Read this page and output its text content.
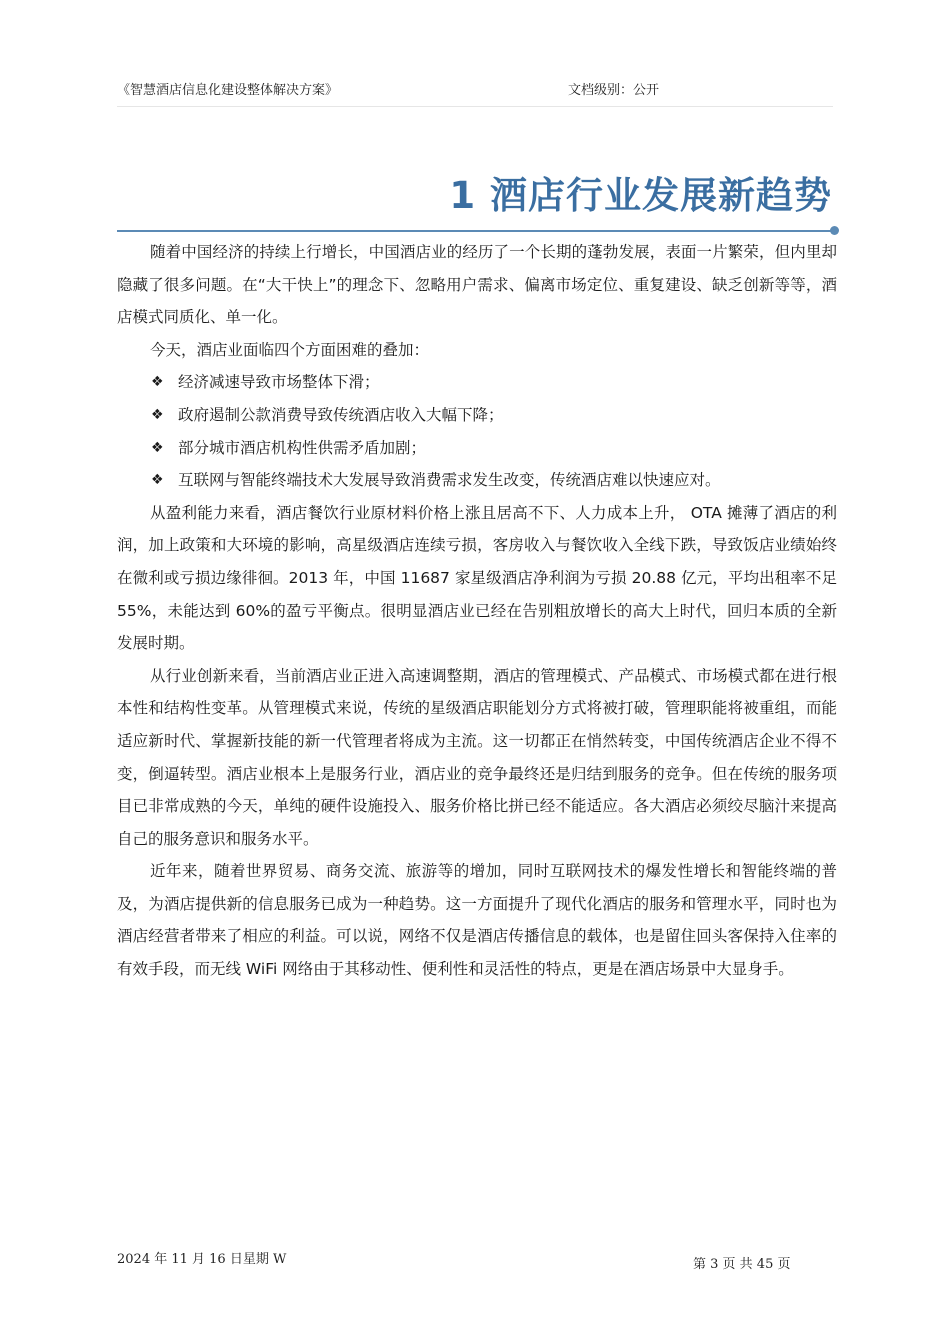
《智慧酒店信息化建设整体解决方案》	文档级别：公开
1 酒店行业发展新趋势

随着中国经济的持续上行增长，中国酒店业的经历了一个长期的蓬勃发展，表面一片繁荣，但内里却隐藏了很多问题。在“大干快上”的理念下、忽略用户需求、偏离市场定位、重复建设、缺乏创新等等，酒店模式同质化、单一化。

今天，酒店业面临四个方面困难的叠加：

❖ 经济减速导致市场整体下滑；

❖ 政府遏制公款消费导致传统酒店收入大幅下降；

❖ 部分城市酒店机构性供需矛盾加剧；

❖ 互联网与智能终端技术大发展导致消费需求发生改变，传统酒店难以快速应对。

从盈利能力来看，酒店餐饮行业原材料价格上涨且居高不下、人力成本上升， OTA 摊薄了酒店的利润，加上政策和大环境的影响，高星级酒店连续亏损，客房收入与餐饮收入全线下跌，导致饭店业绩始终在微利或亏损边缘徘徊。2013 年，中国 11687 家星级酒店净利润为亏损 20.88 亿元，平均出租率不足 55%，未能达到 60%的盈亏平衡点。很明显酒店业已经在告别粗放增长的高大上时代，回归本质的全新发展时期。

从行业创新来看，当前酒店业正进入高速调整期，酒店的管理模式、产品模式、市场模式都在进行根本性和结构性变革。从管理模式来说，传统的星级酒店职能划分方式将被打破，管理职能将被重组，而能适应新时代、掌握新技能的新一代管理者将成为主流。这一切都正在悄然转变，中国传统酒店企业不得不变，倒逼转型。酒店业根本上是服务行业，酒店业的竞争最终还是归结到服务的竞争。但在传统的服务项目已非常成熟的今天，单纯的硬件设施投入、服务价格比拼已经不能适应。各大酒店必须绞尽脑汁来提高自己的服务意识和服务水平。

近年来，随着世界贸易、商务交流、旅游等的增加，同时互联网技术的爆发性增长和智能终端的普及，为酒店提供新的信息服务已成为一种趋势。这一方面提升了现代化酒店的服务和管理水平，同时也为酒店经营者带来了相应的利益。可以说，网络不仅是酒店传播信息的载体，也是留住回头客保持入住率的有效手段，而无线 WiFi 网络由于其移动性、便利性和灵活性的特点，更是在酒店场景中大显身手。

2024 年 11 月 16 日星期 W	第 3 页 共 45 页
